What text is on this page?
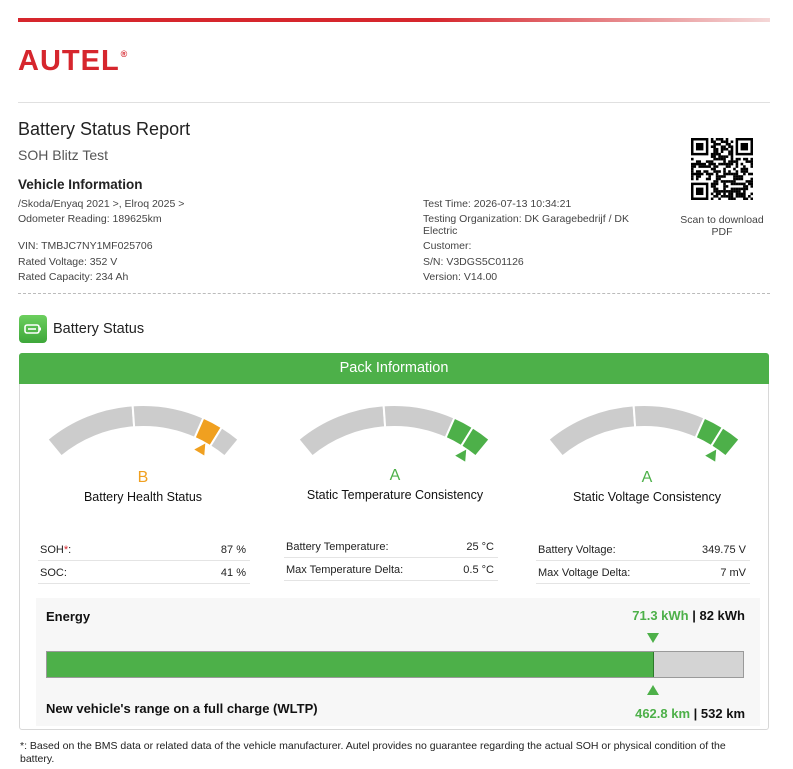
AUTEL®
Battery Status Report
SOH Blitz Test
Vehicle Information
/Skoda/Enyaq 2021 >, Elroq 2025 >
Odometer Reading: 189625km
VIN: TMBJC7NY1MF025706
Rated Voltage: 352 V
Rated Capacity: 234 Ah
Test Time: 2026-07-13 10:34:21
Testing Organization: DK Garagebedrijf / DK
Electric
Customer:
S/N: V3DGS5C01126
Version: V14.00
Scan to download
PDF
Battery Status
Pack Information
B	A	A
Battery Health Status	Static Temperature Consistency	Static Voltage Consistency
SOH*:	87 %
SOC:	41 %
Battery Temperature:	25 °C
Max Temperature Delta:	0.5 °C
Battery Voltage:	349.75 V
Max Voltage Delta:	7 mV
Energy	71.3 kWh | 82 kWh
New vehicle's range on a full charge (WLTP)	462.8 km | 532 km
*: Based on the BMS data or related data of the vehicle manufacturer. Autel provides no guarantee regarding the actual SOH or physical condition of the battery.
